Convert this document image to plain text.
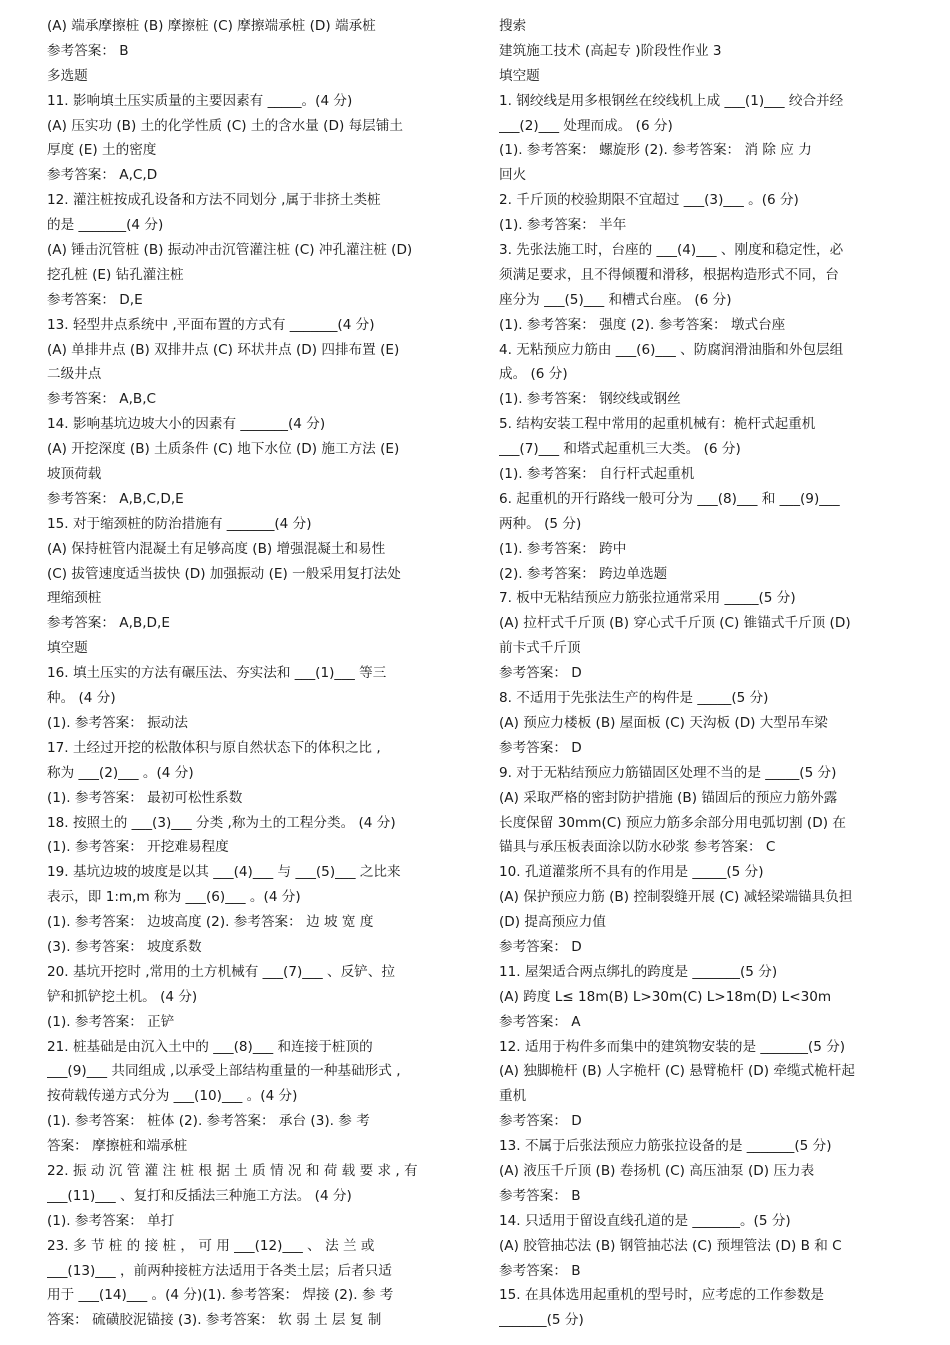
(A) 端承摩擦桩 (B) 摩擦桩 (C) 摩擦端承桩 (D) 端承桩

参考答案： B

多选题

11. 影响填土压实质量的主要因素有 _____。(4 分)

(A) 压实功 (B) 土的化学性质 (C) 土的含水量 (D) 每层铺土

厚度 (E) 土的密度

参考答案： A,C,D

12. 灌注桩按成孔设备和方法不同划分 ,属于非挤土类桩

的是 _______(4 分)

(A) 锤击沉管桩 (B) 振动冲击沉管灌注桩 (C) 冲孔灌注桩 (D)

挖孔桩 (E) 钻孔灌注桩

参考答案： D,E

13. 轻型井点系统中 ,平面布置的方式有 _______(4 分)

(A) 单排井点 (B) 双排井点 (C) 环状井点 (D) 四排布置 (E)

二级井点

参考答案： A,B,C

14. 影响基坑边坡大小的因素有 _______(4 分)

(A) 开挖深度 (B) 土质条件 (C) 地下水位 (D) 施工方法 (E)

坡顶荷载

参考答案： A,B,C,D,E

15. 对于缩颈桩的防治措施有 _______(4 分)

(A) 保持桩管内混凝土有足够高度 (B) 增强混凝土和易性

(C) 拔管速度适当拔快 (D) 加强振动 (E) 一般采用复打法处

理缩颈桩

参考答案： A,B,D,E

填空题

16. 填土压实的方法有碾压法、夯实法和 ___(1)___ 等三

种。 (4 分)

(1). 参考答案： 振动法

17. 土经过开挖的松散体积与原自然状态下的体积之比 ,

称为 ___(2)___ 。(4 分)

(1). 参考答案： 最初可松性系数

18. 按照土的 ___(3)___ 分类 ,称为土的工程分类。 (4 分)

(1). 参考答案： 开挖难易程度

19. 基坑边坡的坡度是以其 ___(4)___ 与 ___(5)___ 之比来

表示，即 1:m,m 称为 ___(6)___ 。(4 分)

(1). 参考答案： 边坡高度 (2). 参考答案： 边 坡 宽 度

(3). 参考答案： 坡度系数

20. 基坑开挖时 ,常用的土方机械有 ___(7)___ 、反铲、拉

铲和抓铲挖土机。 (4 分)

(1). 参考答案： 正铲

21. 桩基础是由沉入土中的 ___(8)___ 和连接于桩顶的

___(9)___ 共同组成 ,以承受上部结构重量的一种基础形式 ,

按荷载传递方式分为 ___(10)___ 。(4 分)

(1). 参考答案： 桩体 (2). 参考答案： 承台 (3). 参 考

答案： 摩擦桩和端承桩

22. 振 动 沉 管 灌 注 桩 根 据 土 质 情 况 和 荷 载 要 求 , 有

___(11)___ 、复打和反插法三种施工方法。 (4 分)

(1). 参考答案： 单打

23. 多 节 桩 的 接 桩 ， 可 用 ___(12)___ 、 法 兰 或

___(13)___ ，前两种接桩方法适用于各类土层；后者只适

用于 ___(14)___ 。(4 分)(1). 参考答案： 焊接 (2). 参 考

答案： 硫磺胶泥锚接 (3). 参考答案： 软 弱 土 层 复 制

搜索

建筑施工技术 (高起专 )阶段性作业 3

填空题

1. 钢绞线是用多根钢丝在绞线机上成 ___(1)___ 绞合并经

___(2)___ 处理而成。 (6 分)

(1). 参考答案： 螺旋形 (2). 参考答案： 消 除 应 力

回火

2. 千斤顶的校验期限不宜超过 ___(3)___ 。(6 分)

(1). 参考答案： 半年

3. 先张法施工时，台座的 ___(4)___ 、刚度和稳定性，必

须满足要求，且不得倾覆和滑移，根据构造形式不同，台

座分为 ___(5)___ 和槽式台座。 (6 分)

(1). 参考答案： 强度 (2). 参考答案： 墩式台座

4. 无粘预应力筋由 ___(6)___ 、防腐润滑油脂和外包层组

成。 (6 分)

(1). 参考答案： 钢绞线或钢丝

5. 结构安装工程中常用的起重机械有：桅杆式起重机

___(7)___ 和塔式起重机三大类。 (6 分)

(1). 参考答案： 自行杆式起重机

6. 起重机的开行路线一般可分为 ___(8)___ 和 ___(9)___

两种。 (5 分)

(1). 参考答案： 跨中

(2). 参考答案： 跨边单选题

7. 板中无粘结预应力筋张拉通常采用 _____(5 分)

(A) 拉杆式千斤顶 (B) 穿心式千斤顶 (C) 锥锚式千斤顶 (D)

前卡式千斤顶

参考答案： D

8. 不适用于先张法生产的构件是 _____(5 分)

(A) 预应力楼板 (B) 屋面板 (C) 天沟板 (D) 大型吊车梁

参考答案： D

9. 对于无粘结预应力筋锚固区处理不当的是 _____(5 分)

(A) 采取严格的密封防护措施 (B) 锚固后的预应力筋外露

长度保留 30mm(C) 预应力筋多余部分用电弧切割 (D) 在

锚具与承压板表面涂以防水砂浆 参考答案： C

10. 孔道灌浆所不具有的作用是 _____(5 分)

(A) 保护预应力筋 (B) 控制裂缝开展 (C) 减轻梁端锚具负担

(D) 提高预应力值

参考答案： D

11. 屋架适合两点绑扎的跨度是 _______(5 分)

(A) 跨度 L≤ 18m(B) L>30m(C) L>18m(D) L<30m

参考答案： A

12. 适用于构件多而集中的建筑物安装的是 _______(5 分)

(A) 独脚桅杆 (B) 人字桅杆 (C) 悬臂桅杆 (D) 牵缆式桅杆起

重机

参考答案： D

13. 不属于后张法预应力筋张拉设备的是 _______(5 分)

(A) 液压千斤顶 (B) 卷扬机 (C) 高压油泵 (D) 压力表

参考答案： B

14. 只适用于留设直线孔道的是 _______。(5 分)

(A) 胶管抽芯法 (B) 钢管抽芯法 (C) 预埋管法 (D) B 和 C

参考答案： B

15. 在具体选用起重机的型号时，应考虑的工作参数是

_______(5 分)
